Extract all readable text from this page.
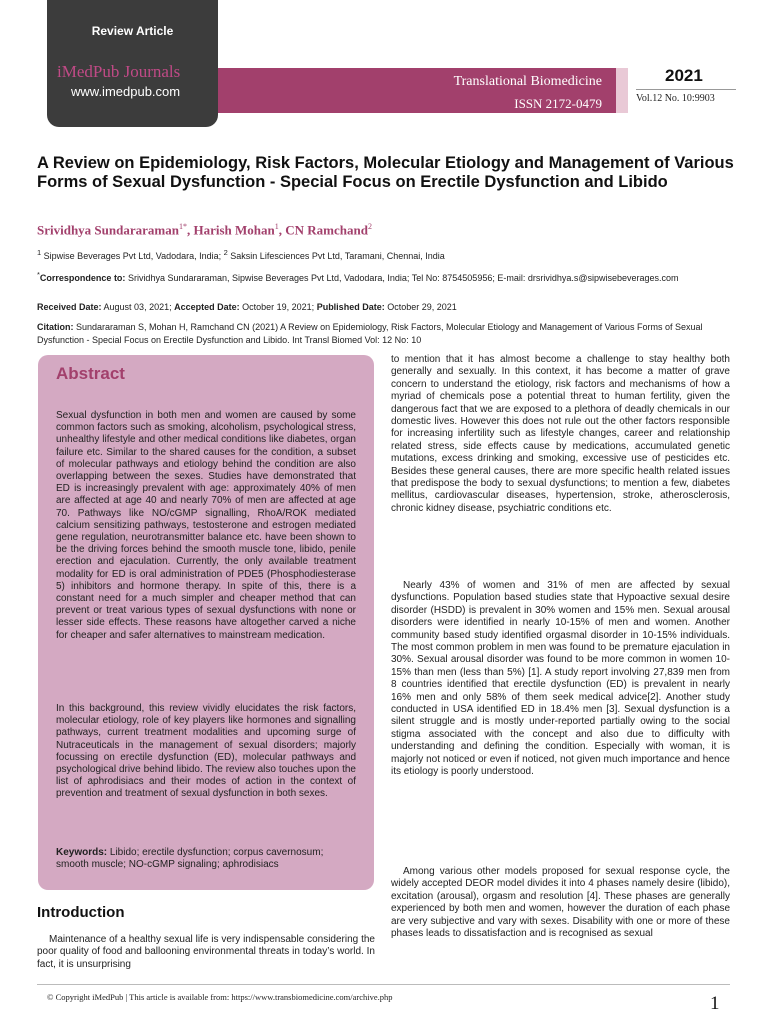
Review Article
iMedPub Journals
www.imedpub.com
Translational Biomedicine
ISSN 2172-0479
2021
Vol.12 No. 10:9903
A Review on Epidemiology, Risk Factors, Molecular Etiology and Management of Various Forms of Sexual Dysfunction - Special Focus on Erectile Dysfunction and Libido
Srividhya Sundararaman$^{1*}$, Harish Mohan$^1$, CN Ramchand$^2$
$^1$ Sipwise Beverages Pvt Ltd, Vadodara, India; $^2$ Saksin Lifesciences Pvt Ltd, Taramani, Chennai, India
*Correspondence to: Srividhya Sundararaman, Sipwise Beverages Pvt Ltd, Vadodara, India; Tel No: 8754505956; E-mail: drsrividhya.s@sipwisebeverages.com
Received Date: August 03, 2021; Accepted Date: October 19, 2021; Published Date: October 29, 2021
Citation: Sundararaman S, Mohan H, Ramchand CN (2021) A Review on Epidemiology, Risk Factors, Molecular Etiology and Management of Various Forms of Sexual Dysfunction - Special Focus on Erectile Dysfunction and Libido. Int Transl Biomed Vol: 12 No: 10
Abstract

Sexual dysfunction in both men and women are caused by some common factors such as smoking, alcoholism, psychological stress, unhealthy lifestyle and other medical conditions like diabetes, organ failure etc. Similar to the shared causes for the condition, a subset of molecular pathways and etiology behind the condition are also overlapping between the sexes. Studies have demonstrated that ED is increasingly prevalent with age: approximately 40% of men are affected at age 40 and nearly 70% of men are affected at age 70. Pathways like NO/cGMP signalling, RhoA/ROK mediated calcium sensitizing pathways, testosterone and estrogen mediated gene regulation, neurotransmitter balance etc. have been shown to be the driving forces behind the smooth muscle tone, libido, penile erection and ejaculation. Currently, the only available treatment modality for ED is oral administration of PDE5 (Phosphodiesterase 5) inhibitors and hormone therapy. In spite of this, there is a constant need for a much simpler and cheaper method that can prevent or treat various types of sexual dysfunctions with none or lesser side effects. These reasons have altogether carved a niche for cheaper and safer alternatives to mainstream medication.

In this background, this review vividly elucidates the risk factors, molecular etiology, role of key players like hormones and signalling pathways, current treatment modalities and upcoming surge of Nutraceuticals in the management of sexual disorders; majorly focussing on erectile dysfunction (ED), molecular pathways and psychological drive behind libido. The review also touches upon the list of aphrodisiacs and their modes of action in the context of prevention and treatment of sexual dysfunction in both sexes.

Keywords: Libido; erectile dysfunction; corpus cavernosum; smooth muscle; NO-cGMP signaling; aphrodisiacs

Introduction

Maintenance of a healthy sexual life is very indispensable considering the poor quality of food and ballooning environmental threats in today’s world. In fact, it is unsurprising

to mention that it has almost become a challenge to stay healthy both generally and sexually. In this context, it has become a matter of grave concern to understand the etiology, risk factors and mechanisms of how a myriad of chemicals pose a potential threat to human fertility, given the dangerous fact that we are exposed to a plethora of deadly chemicals in our domestic lives. However this does not rule out the other factors responsible for increasing infertility such as lifestyle changes, career and relationship related stress, side effects cause by medications, accumulated genetic mutations, excess drinking and smoking, excessive use of pesticides etc. Besides these general causes, there are more specific health related issues that predispose the body to sexual dysfunctions; to mention a few, diabetes mellitus, cardiovascular diseases, hypertension, stroke, atherosclerosis, chronic kidney disease, psychiatric conditions etc.

Nearly 43% of women and 31% of men are affected by sexual dysfunctions. Population based studies state that Hypoactive sexual desire disorder (HSDD) is prevalent in 30% women and 15% men. Sexual arousal disorders were identified in nearly 10-15% of men and women. Another community based study identified orgasmal disorder in 10-15% individuals. The most common problem in men was found to be premature ejaculation in 30%. Sexual arousal disorder was found to be more common in women 10-15% than men (less than 5%) [1]. A study report involving 27,839 men from 8 countries identified that erectile dysfunction (ED) is prevalent in nearly 16% men and only 58% of them seek medical advice[2]. Another study conducted in USA identified ED in 18.4% men [3]. Sexual dysfunction is a silent struggle and is mostly under-reported partially owing to the social stigma associated with the concept and also due to difficulty with understanding and defining the condition. Especially with woman, it is majorly not noticed or even if noticed, not given much importance and hence its etiology is poorly understood.

Among various other models proposed for sexual response cycle, the widely accepted DEOR model divides it into 4 phases namely desire (libido), excitation (arousal), orgasm and resolution [4]. These phases are generally experienced by both men and women, however the duration of each phase are very subjective and vary with sexes. Disability with one or more of these phases leads to dissatisfaction and is recognised as sexual

© Copyright iMedPub | This article is available from: https://www.transbiomedicine.com/archive.php	1
